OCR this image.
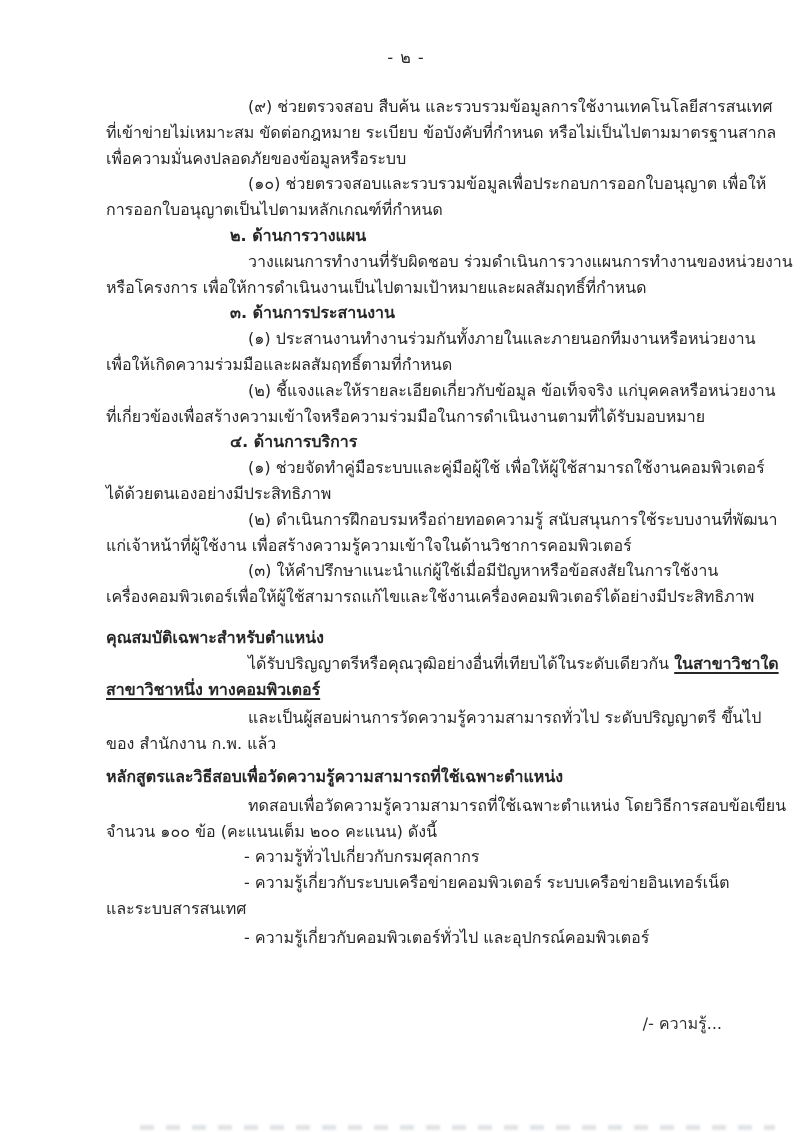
- ๒ -
(๙) ช่วยตรวจสอบ สืบค้น และรวบรวมข้อมูลการใช้งานเทคโนโลยีสารสนเทศ
ที่เข้าข่ายไม่เหมาะสม ขัดต่อกฎหมาย ระเบียบ ข้อบังคับที่กำหนด หรือไม่เป็นไปตามมาตรฐานสากล
เพื่อความมั่นคงปลอดภัยของข้อมูลหรือระบบ
(๑๐) ช่วยตรวจสอบและรวบรวมข้อมูลเพื่อประกอบการออกใบอนุญาต เพื่อให้
การออกใบอนุญาตเป็นไปตามหลักเกณฑ์ที่กำหนด
๒. ด้านการวางแผน
วางแผนการทำงานที่รับผิดชอบ ร่วมดำเนินการวางแผนการทำงานของหน่วยงาน
หรือโครงการ เพื่อให้การดำเนินงานเป็นไปตามเป้าหมายและผลสัมฤทธิ์ที่กำหนด
๓. ด้านการประสานงาน
(๑) ประสานงานทำงานร่วมกันทั้งภายในและภายนอกทีมงานหรือหน่วยงาน
เพื่อให้เกิดความร่วมมือและผลสัมฤทธิ์ตามที่กำหนด
(๒) ชี้แจงและให้รายละเอียดเกี่ยวกับข้อมูล ข้อเท็จจริง แก่บุคคลหรือหน่วยงาน
ที่เกี่ยวข้องเพื่อสร้างความเข้าใจหรือความร่วมมือในการดำเนินงานตามที่ได้รับมอบหมาย
๔. ด้านการบริการ
(๑) ช่วยจัดทำคู่มือระบบและคู่มือผู้ใช้ เพื่อให้ผู้ใช้สามารถใช้งานคอมพิวเตอร์
ได้ด้วยตนเองอย่างมีประสิทธิภาพ
(๒) ดำเนินการฝึกอบรมหรือถ่ายทอดความรู้ สนับสนุนการใช้ระบบงานที่พัฒนา
แก่เจ้าหน้าที่ผู้ใช้งาน เพื่อสร้างความรู้ความเข้าใจในด้านวิชาการคอมพิวเตอร์
(๓) ให้คำปรึกษาแนะนำแก่ผู้ใช้เมื่อมีปัญหาหรือข้อสงสัยในการใช้งาน
เครื่องคอมพิวเตอร์เพื่อให้ผู้ใช้สามารถแก้ไขและใช้งานเครื่องคอมพิวเตอร์ได้อย่างมีประสิทธิภาพ
คุณสมบัติเฉพาะสำหรับตำแหน่ง
ได้รับปริญญาตรีหรือคุณวุฒิอย่างอื่นที่เทียบได้ในระดับเดียวกัน ในสาขาวิชาใด
สาขาวิชาหนึ่ง ทางคอมพิวเตอร์
และเป็นผู้สอบผ่านการวัดความรู้ความสามารถทั่วไป ระดับปริญญาตรี ขึ้นไป
ของ สำนักงาน ก.พ. แล้ว
หลักสูตรและวิธีสอบเพื่อวัดความรู้ความสามารถที่ใช้เฉพาะตำแหน่ง
ทดสอบเพื่อวัดความรู้ความสามารถที่ใช้เฉพาะตำแหน่ง โดยวิธีการสอบข้อเขียน
จำนวน ๑๐๐ ข้อ (คะแนนเต็ม ๒๐๐ คะแนน) ดังนี้
- ความรู้ทั่วไปเกี่ยวกับกรมศุลกากร
- ความรู้เกี่ยวกับระบบเครือข่ายคอมพิวเตอร์ ระบบเครือข่ายอินเทอร์เน็ต
และระบบสารสนเทศ
- ความรู้เกี่ยวกับคอมพิวเตอร์ทั่วไป และอุปกรณ์คอมพิวเตอร์
/- ความรู้...
